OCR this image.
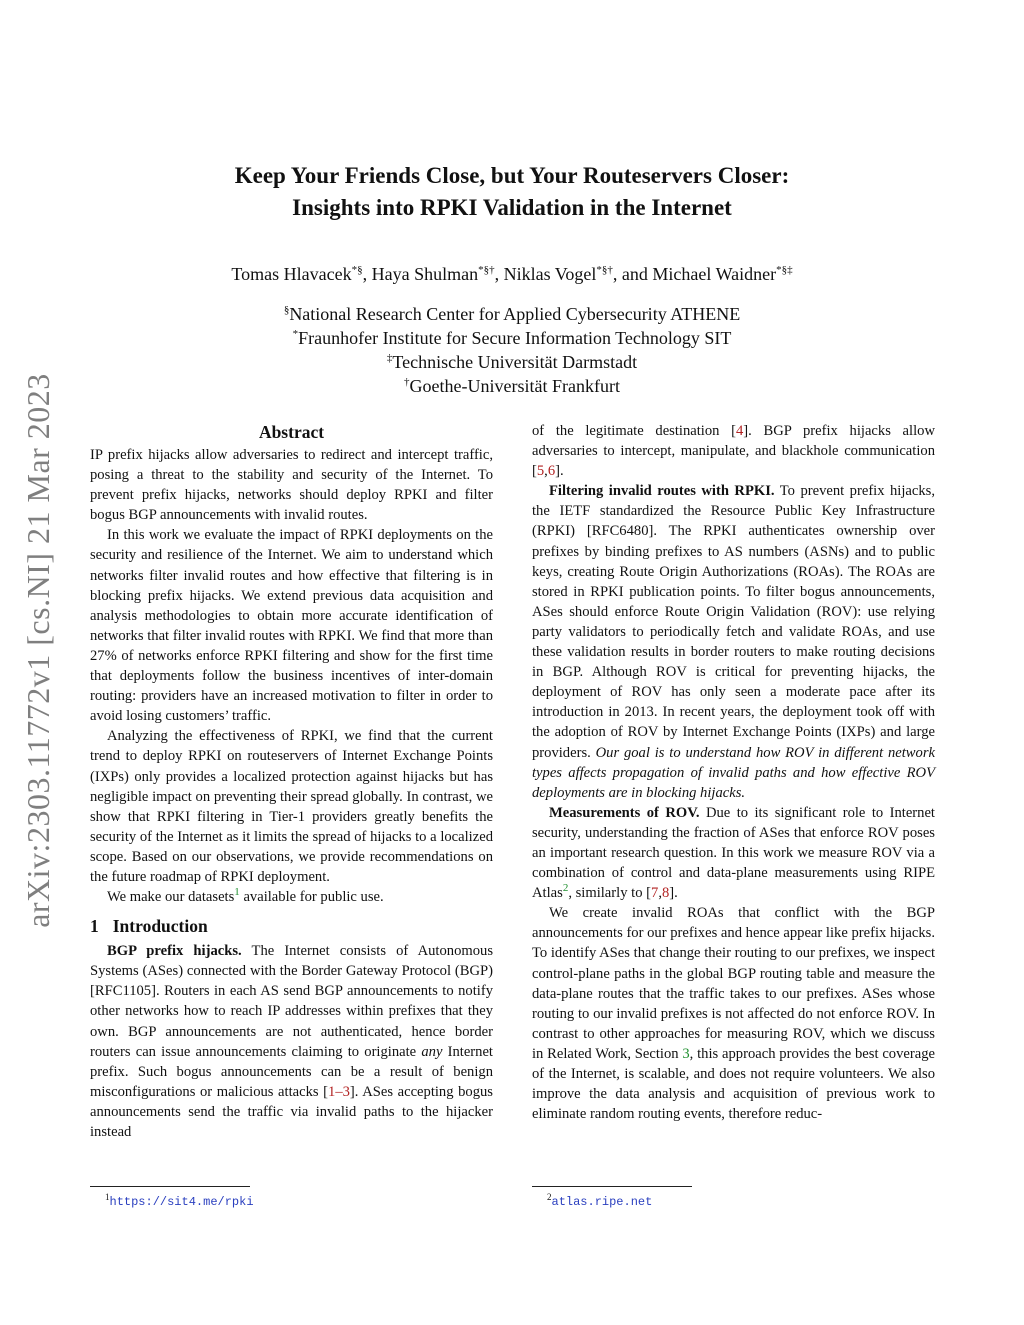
arXiv:2303.11772v1 [cs.NI] 21 Mar 2023
Keep Your Friends Close, but Your Routeservers Closer:
Insights into RPKI Validation in the Internet
Tomas Hlavacek*§, Haya Shulman*§†, Niklas Vogel*§†, and Michael Waidner*§‡
§National Research Center for Applied Cybersecurity ATHENE
*Fraunhofer Institute for Secure Information Technology SIT
‡Technische Universität Darmstadt
†Goethe-Universität Frankfurt
Abstract

IP prefix hijacks allow adversaries to redirect and intercept traffic, posing a threat to the stability and security of the Internet. To prevent prefix hijacks, networks should deploy RPKI and filter bogus BGP announcements with invalid routes.

In this work we evaluate the impact of RPKI deployments on the security and resilience of the Internet. We aim to understand which networks filter invalid routes and how effective that filtering is in blocking prefix hijacks. We extend previous data acquisition and analysis methodologies to obtain more accurate identification of networks that filter invalid routes with RPKI. We find that more than 27% of networks enforce RPKI filtering and show for the first time that deployments follow the business incentives of inter-domain routing: providers have an increased motivation to filter in order to avoid losing customers’ traffic.

Analyzing the effectiveness of RPKI, we find that the current trend to deploy RPKI on routeservers of Internet Exchange Points (IXPs) only provides a localized protection against hijacks but has negligible impact on preventing their spread globally. In contrast, we show that RPKI filtering in Tier-1 providers greatly benefits the security of the Internet as it limits the spread of hijacks to a localized scope. Based on our observations, we provide recommendations on the future roadmap of RPKI deployment.

We make our datasets$^1$ available for public use.

1 Introduction

BGP prefix hijacks. The Internet consists of Autonomous Systems (ASes) connected with the Border Gateway Protocol (BGP) [RFC1105]. Routers in each AS send BGP announcements to notify other networks how to reach IP addresses within prefixes that they own. BGP announcements are not authenticated, hence border routers can issue announcements claiming to originate any Internet prefix. Such bogus announcements can be a result of benign misconfigurations or malicious attacks [1–3]. ASes accepting bogus announcements send the traffic via invalid paths to the hijacker instead

of the legitimate destination [4]. BGP prefix hijacks allow adversaries to intercept, manipulate, and blackhole communication [5,6].

Filtering invalid routes with RPKI. To prevent prefix hijacks, the IETF standardized the Resource Public Key Infrastructure (RPKI) [RFC6480]. The RPKI authenticates ownership over prefixes by binding prefixes to AS numbers (ASNs) and to public keys, creating Route Origin Authorizations (ROAs). The ROAs are stored in RPKI publication points. To filter bogus announcements, ASes should enforce Route Origin Validation (ROV): use relying party validators to periodically fetch and validate ROAs, and use these validation results in border routers to make routing decisions in BGP. Although ROV is critical for preventing hijacks, the deployment of ROV has only seen a moderate pace after its introduction in 2013. In recent years, the deployment took off with the adoption of ROV by Internet Exchange Points (IXPs) and large providers. Our goal is to understand how ROV in different network types affects propagation of invalid paths and how effective ROV deployments are in blocking hijacks.

Measurements of ROV. Due to its significant role to Internet security, understanding the fraction of ASes that enforce ROV poses an important research question. In this work we measure ROV via a combination of control and data-plane measurements using RIPE Atlas$^2$, similarly to [7,8].

We create invalid ROAs that conflict with the BGP announcements for our prefixes and hence appear like prefix hijacks. To identify ASes that change their routing to our prefixes, we inspect control-plane paths in the global BGP routing table and measure the data-plane routes that the traffic takes to our prefixes. ASes whose routing to our invalid prefixes is not affected do not enforce ROV. In contrast to other approaches for measuring ROV, which we discuss in Related Work, Section 3, this approach provides the best coverage of the Internet, is scalable, and does not require volunteers. We also improve the data analysis and acquisition of previous work to eliminate random routing events, therefore reduc-

$^1$https://sit4.me/rpki	$^2$atlas.ripe.net
